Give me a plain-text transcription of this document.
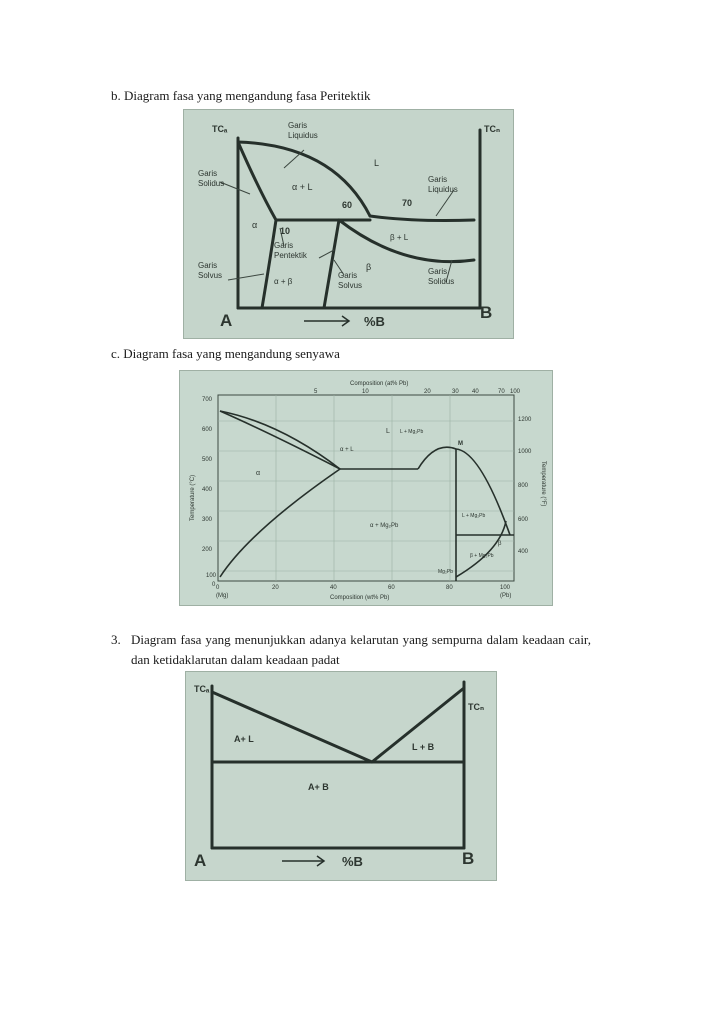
b. Diagram fasa yang mengandung fasa Peritektik

TCₐ	TCₙ
Garis Liquidus
L
Garis Solidus	α + L
60	70
Garis Liquidus
α
10
β + L
Garis Pentektik
β
Garis Solvus
α + β
Garis Solvus
Garis Solidus
A	%B	B

c. Diagram fasa yang mengandung senyawa

Composition (at% Pb)
5	10	20	30 40	70 100
Temperature (°C)	Temperature (°F)
700
600
500
400
300
200
100
0
1200
1000
800
600
400
0	20	40	60	80	100
(Mg)	(Pb)
Composition (wt% Pb)
L
α + L
α
α + Mg₂Pb
L + Mg₂Pb
M
L + Mg₂Pb
β
β + Mg₂Pb
Mg₂Pb
3. Diagram fasa yang menunjukkan adanya kelarutan yang sempurna dalam keadaan cair, dan ketidaklarutan dalam keadaan padat
TCₐ
TCₙ
A+ L
L + B
A+ B
A	%B	B
